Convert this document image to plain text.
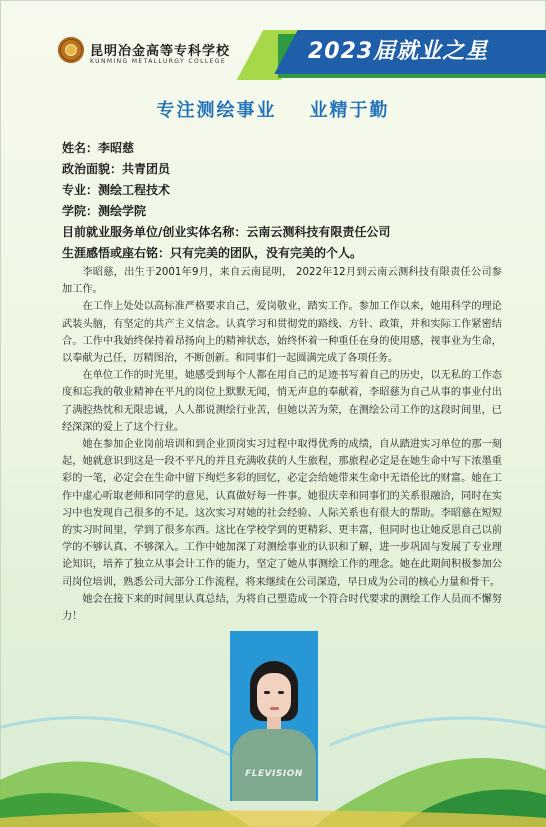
昆明冶金高等专科学校
KUNMING METALLURGY COLLEGE	2023届就业之星
专注测绘事业    业精于勤
姓名：李昭慈
政治面貌：共青团员
专业：测绘工程技术
学院：测绘学院
目前就业服务单位/创业实体名称：云南云测科技有限责任公司
生涯感悟或座右铭：只有完美的团队，没有完美的个人。

李昭慈，出生于2001年9月，来自云南昆明， 2022年12月到云南云测科技有限责任公司参加工作。

在工作上处处以高标准严格要求自己，爱岗敬业，踏实工作。参加工作以来，她用科学的理论武装头脑，有坚定的共产主义信念。认真学习和贯彻党的路线、方针、政策，并和实际工作紧密结合。工作中我始终保持着昂扬向上的精神状态，始终怀着一种重任在身的使用感，视事业为生命，以奉献为己任，厉精图治，不断创新。和同事们一起圆满完成了各项任务。

在单位工作的时光里，她感受到每个人都在用自己的足迹书写着自己的历史，以无私的工作态度和忘我的敬业精神在平凡的岗位上默默无闻，悄无声息的奉献着，李昭慈为自己从事的事业付出了满腔热忱和无限忠诚，人人都说测绘行业苦，但她以苦为荣，在测绘公司工作的这段时间里，已经深深的爱上了这个行业。

她在参加企业岗前培训和到企业顶岗实习过程中取得优秀的成绩，自从踏进实习单位的那一刻起，她就意识到这是一段不平凡的并且充满收获的人生旅程，那旅程必定是在她生命中写下浓墨重彩的一笔，必定会在生命中留下绚烂多彩的回忆，必定会给她带来生命中无语伦比的财富。她在工作中虚心听取老师和同学的意见，认真做好每一件事。她很庆幸和同事们的关系很融洽，同时在实习中也发现自己很多的不足。这次实习对她的社会经验、人际关系也有很大的帮助。李昭慈在短短的实习时间里，学到了很多东西。这比在学校学到的更精彩、更丰富，但同时也让她反思自己以前学的不够认真、不够深入。工作中她加深了对测绘事业的认识和了解，进一步巩固与发展了专业理论知识，培养了独立从事会计工作的能力，坚定了她从事测绘工作的理念。她在此期间积极参加公司岗位培训，熟悉公司大部分工作流程，将来继续在公司深造，早日成为公司的核心力量和骨干。

她会在接下来的时间里认真总结，为将自己塑造成一个符合时代要求的测绘工作人员而不懈努力！

FLEVISION
